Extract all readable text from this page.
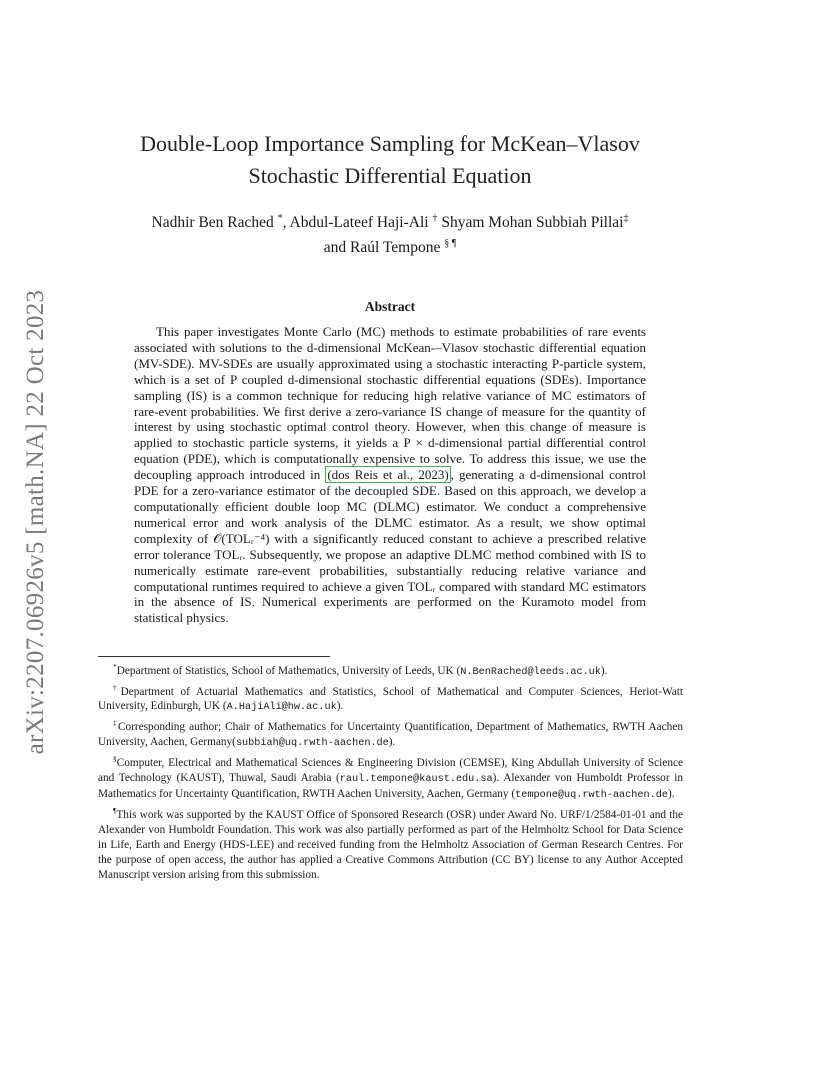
arXiv:2207.06926v5 [math.NA] 22 Oct 2023
Double-Loop Importance Sampling for McKean–Vlasov
Stochastic Differential Equation
Nadhir Ben Rached *, Abdul-Lateef Haji-Ali † Shyam Mohan Subbiah Pillai‡
and Raúl Tempone § ¶
Abstract

This paper investigates Monte Carlo (MC) methods to estimate probabilities of rare events associated with solutions to the d-dimensional McKean-–Vlasov stochastic differential equation (MV-SDE). MV-SDEs are usually approximated using a stochastic interacting P-particle system, which is a set of P coupled d-dimensional stochastic differential equations (SDEs). Importance sampling (IS) is a common technique for reducing high relative variance of MC estimators of rare-event probabilities. We first derive a zero-variance IS change of measure for the quantity of interest by using stochastic optimal control theory. However, when this change of measure is applied to stochastic particle systems, it yields a P × d-dimensional partial differential control equation (PDE), which is computationally expensive to solve. To address this issue, we use the decoupling approach introduced in (dos Reis et al., 2023) , generating a d-dimensional control PDE for a zero-variance estimator of the decoupled SDE. Based on this approach, we develop a computationally efficient double loop MC (DLMC) estimator. We conduct a comprehensive numerical error and work analysis of the DLMC estimator. As a result, we show optimal complexity of 𝒪(TOLᵣ⁻⁴) with a significantly reduced constant to achieve a prescribed relative error tolerance TOLᵣ. Subsequently, we propose an adaptive DLMC method combined with IS to numerically estimate rare-event probabilities, substantially reducing relative variance and computational runtimes required to achieve a given TOLᵣ compared with standard MC estimators in the absence of IS. Numerical experiments are performed on the Kuramoto model from statistical physics.

*Department of Statistics, School of Mathematics, University of Leeds, UK (N.BenRached@leeds.ac.uk).

†Department of Actuarial Mathematics and Statistics, School of Mathematical and Computer Sciences, Heriot-Watt University, Edinburgh, UK (A.HajiAli@hw.ac.uk).

‡Corresponding author; Chair of Mathematics for Uncertainty Quantification, Department of Mathematics, RWTH Aachen University, Aachen, Germany(subbiah@uq.rwth-aachen.de).

§Computer, Electrical and Mathematical Sciences & Engineering Division (CEMSE), King Abdullah University of Science and Technology (KAUST), Thuwal, Saudi Arabia (raul.tempone@kaust.edu.sa). Alexander von Humboldt Professor in Mathematics for Uncertainty Quantification, RWTH Aachen University, Aachen, Germany (tempone@uq.rwth-aachen.de).

¶This work was supported by the KAUST Office of Sponsored Research (OSR) under Award No. URF/1/2584-01-01 and the Alexander von Humboldt Foundation. This work was also partially performed as part of the Helmholtz School for Data Science in Life, Earth and Energy (HDS-LEE) and received funding from the Helmholtz Association of German Research Centres. For the purpose of open access, the author has applied a Creative Commons Attribution (CC BY) license to any Author Accepted Manuscript version arising from this submission.
